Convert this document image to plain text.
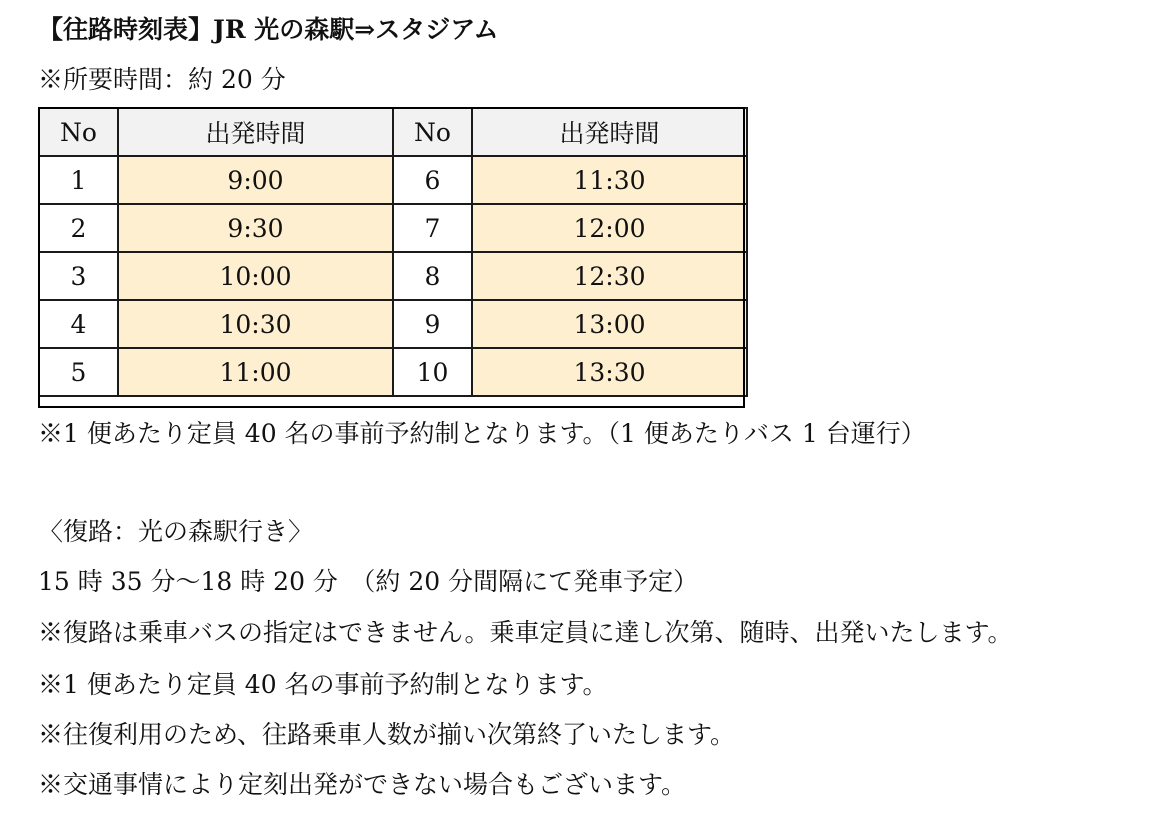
【往路時刻表】JR 光の森駅⇒スタジアム
※所要時間：約 20 分
No	出発時間	No	出発時間
1	9:00	6	11:30
2	9:30	7	12:00
3	10:00	8	12:30
4	10:30	9	13:00
5	11:00	10	13:30
※1 便あたり定員 40 名の事前予約制となります。（1 便あたりバス 1 台運行）
〈復路：光の森駅行き〉
15 時 35 分～18 時 20 分　（約 20 分間隔にて発車予定）
※復路は乗車バスの指定はできません。乗車定員に達し次第、随時、出発いたします。
※1 便あたり定員 40 名の事前予約制となります。
※往復利用のため、往路乗車人数が揃い次第終了いたします。
※交通事情により定刻出発ができない場合もございます。
